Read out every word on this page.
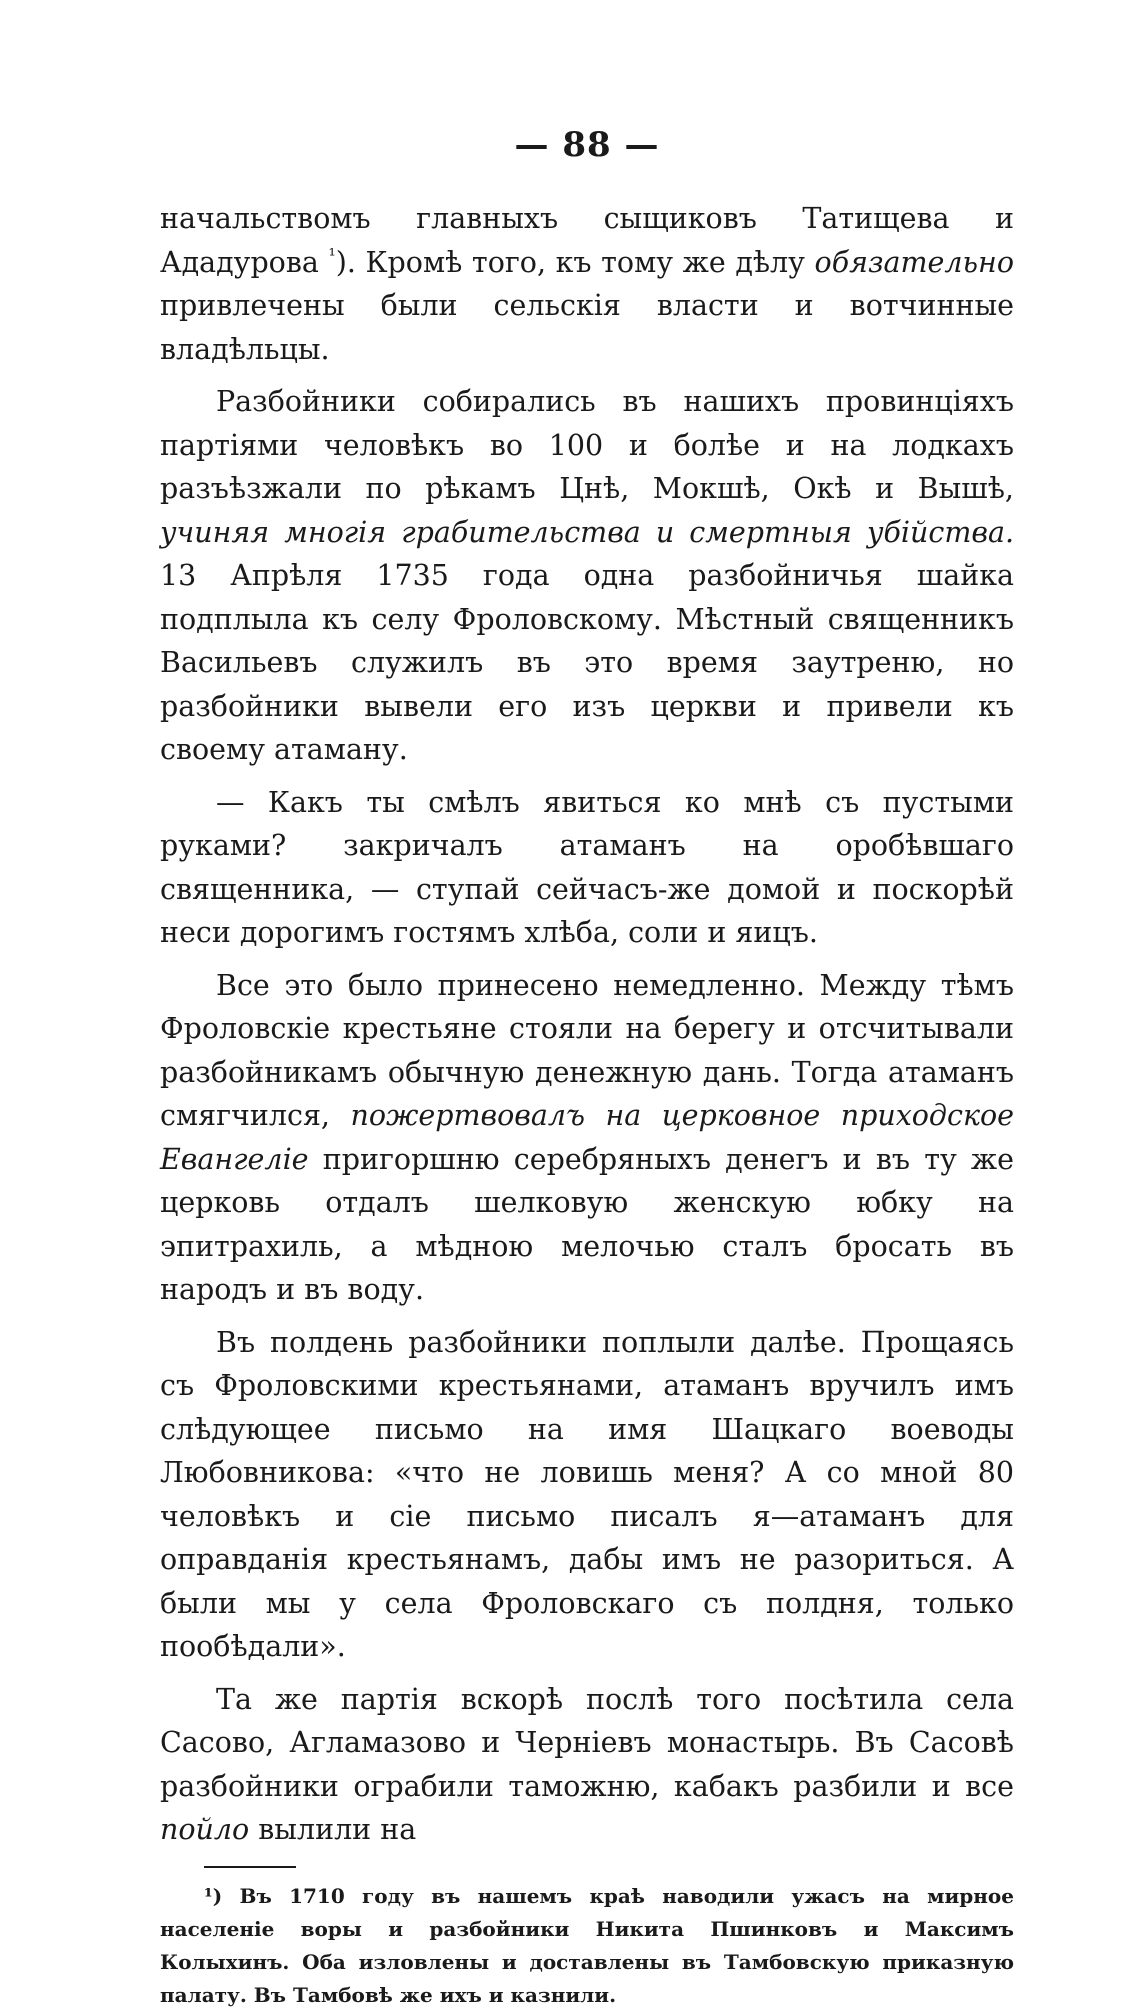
— 88 —

начальствомъ главныхъ сыщиковъ Татищева и Ададурова $^{^1}$). Кромѣ того, къ тому же дѣлу обязательно привлечены были сельскія власти и вотчинные владѣльцы.

Разбойники собирались въ нашихъ провинціяхъ партіями человѣкъ во 100 и болѣе и на лодкахъ разъѣзжали по рѣкамъ Цнѣ, Мокшѣ, Окѣ и Вышѣ, учиняя многія грабительства и смертныя убійства. 13 Апрѣля 1735 года одна разбойничья шайка подплыла къ селу Фроловскому. Мѣстный священникъ Васильевъ служилъ въ это время заутреню, но разбойники вывели его изъ церкви и привели къ своему атаману.

— Какъ ты смѣлъ явиться ко мнѣ съ пустыми руками? закричалъ атаманъ на оробѣвшаго священника, — ступай сейчасъ-же домой и поскорѣй неси дорогимъ гостямъ хлѣба, соли и яицъ.

Все это было принесено немедленно. Между тѣмъ Фроловскіе крестьяне стояли на берегу и отсчитывали разбойникамъ обычную денежную дань. Тогда атаманъ смягчился, пожертвовалъ на церковное приходское Евангеліе пригоршню серебряныхъ денегъ и въ ту же церковь отдалъ шелковую женскую юбку на эпитрахиль, а мѣдною мелочью сталъ бросать въ народъ и въ воду.

Въ полдень разбойники поплыли далѣе. Прощаясь съ Фроловскими крестьянами, атаманъ вручилъ имъ слѣдующее письмо на имя Шацкаго воеводы Любовникова: «что не ловишь меня? А со мной 80 человѣкъ и сіе письмо писалъ я—атаманъ для оправданія крестьянамъ, дабы имъ не разориться. А были мы у села Фроловскаго съ полдня, только пообѣдали».

Та же партія вскорѣ послѣ того посѣтила села Сасово, Агламазово и Черніевъ монастырь. Въ Сасовѣ разбойники ограбили таможню, кабакъ разбили и все пойло вылили на

¹) Въ 1710 году въ нашемъ краѣ наводили ужасъ на мирное населеніе воры и разбойники Никита Пшинковъ и Максимъ Колыхинъ. Оба изловлены и доставлены въ Тамбовскую приказную палату. Въ Тамбовѣ же ихъ и казнили.
